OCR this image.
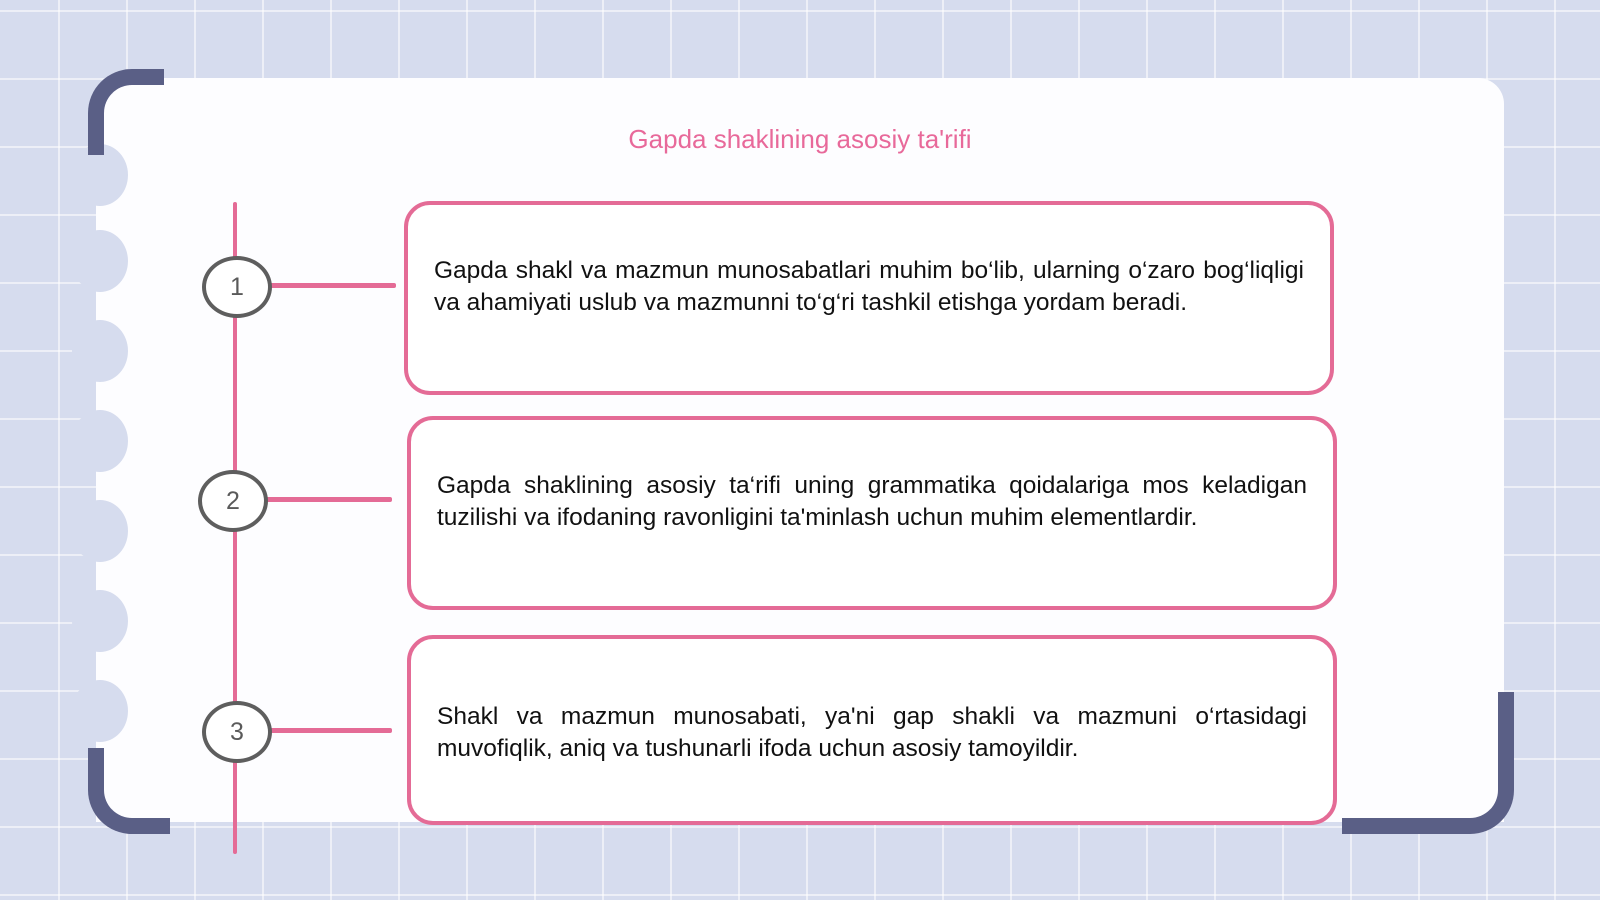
Gapda shaklining asosiy ta'rifi
1

Gapda shakl va mazmun munosabatlari muhim bo‘lib, ularning o‘zaro bog‘liqligi va ahamiyati uslub va mazmunni to‘g‘ri tashkil etishga yordam beradi.

2

Gapda shaklining asosiy ta‘rifi uning grammatika qoidalariga mos keladigan tuzilishi va ifodaning ravonligini ta'minlash uchun muhim elementlardir.

3

Shakl va mazmun munosabati, ya'ni gap shakli va mazmuni o‘rtasidagi muvofiqlik, aniq va tushunarli ifoda uchun asosiy tamoyildir.
